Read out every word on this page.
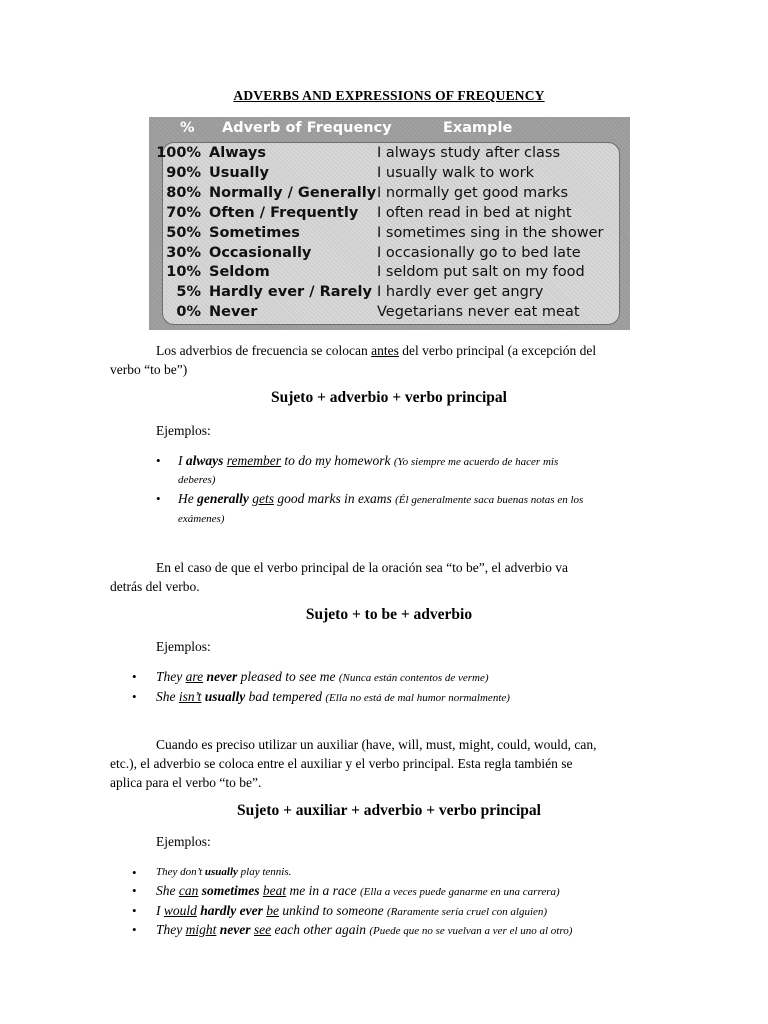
ADVERBS AND EXPRESSIONS OF FREQUENCY
% Adverb of Frequency	Example
100% Always	I always study after class
90% Usually	I usually walk to work
80% Normally / Generally I normally get good marks
70% Often / Frequently I often read in bed at night
50% Sometimes	I sometimes sing in the shower
30% Occasionally	I occasionally go to bed late
10% Seldom	I seldom put salt on my food
5% Hardly ever / Rarely I hardly ever get angry
0% Never	Vegetarians never eat meat
Los adverbios de frecuencia se colocan antes del verbo principal (a excepción del
verbo “to be”)
Sujeto + adverbio + verbo principal
Ejemplos:
• I always remember to do my homework (Yo siempre me acuerdo de hacer mis
deberes)
• He generally gets good marks in exams (Él generalmente saca buenas notas en los
exámenes)
En el caso de que el verbo principal de la oración sea “to be”, el adverbio va
detrás del verbo.
Sujeto + to be + adverbio
Ejemplos:
• They are never pleased to see me (Nunca están contentos de verme)
• She isn’t usually bad tempered (Ella no está de mal humor normalmente)
Cuando es preciso utilizar un auxiliar (have, will, must, might, could, would, can,
etc.), el adverbio se coloca entre el auxiliar y el verbo principal. Esta regla también se
aplica para el verbo “to be”.
Sujeto + auxiliar + adverbio + verbo principal
Ejemplos:
• They don’t usually play tennis.
• She can sometimes beat me in a race (Ella a veces puede ganarme en una carrera)
• I would hardly ever be unkind to someone (Raramente sería cruel con alguien)
• They might never see each other again (Puede que no se vuelvan a ver el uno al otro)
